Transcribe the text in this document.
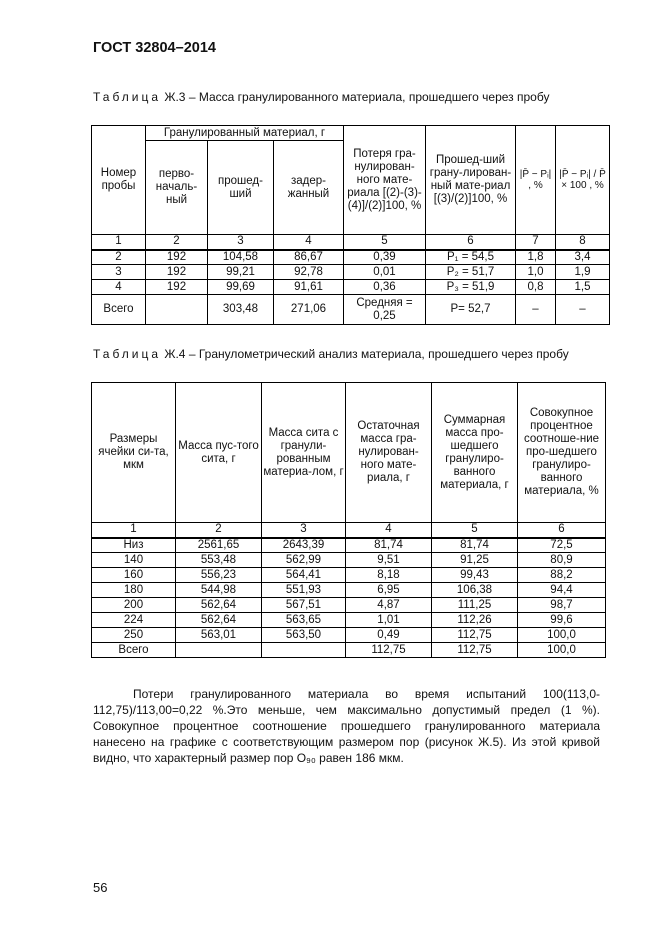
ГОСТ 32804–2014
Таблица Ж.3 – Масса гранулированного материала, прошедшего через пробу
Номер пробы	Гранулированный материал, г			Потеря гра-нулирован-ного мате-риала [(2)-(3)-(4)]/(2)]100, %	Прошед-ший грану-лирован-ный мате-риал [(3)/(2)]100, %	|P̄ − Pᵢ| , %	|P̄ − Pᵢ| / P̄ × 100 , %
	перво-началь-ный	прошед-ший	задер-жанный				
1	2	3	4	5	6	7	8
2	192	104,58	86,67	0,39	P₁ = 54,5	1,8	3,4
3	192	99,21	92,78	0,01	P₂ = 51,7	1,0	1,9
4	192	99,69	91,61	0,36	P₃ = 51,9	0,8	1,5
Всего		303,48	271,06	Средняя = 0,25	P= 52,7	–	–
Таблица Ж.4 – Гранулометрический анализ материала, прошедшего через пробу
Размеры ячейки си-та, мкм	Масса пус-того сита, г	Масса сита с гранули-рованным материа-лом, г	Остаточная масса гра-нулирован-ного мате-риала, г	Суммарная масса про-шедшего гранулиро-ванного материала, г	Совокупное процентное соотноше-ние про-шедшего гранулиро-ванного материала, %
1	2	3	4	5	6
Низ	2561,65	2643,39	81,74	81,74	72,5
140	553,48	562,99	9,51	91,25	80,9
160	556,23	564,41	8,18	99,43	88,2
180	544,98	551,93	6,95	106,38	94,4
200	562,64	567,51	4,87	111,25	98,7
224	562,64	563,65	1,01	112,26	99,6
250	563,01	563,50	0,49	112,75	100,0
Всего			112,75	112,75	100,0
Потери гранулированного материала во время испытаний 100(113,0-112,75)/113,00=0,22 %.Это меньше, чем максимально допустимый предел (1 %). Совокупное процентное соотношение прошедшего гранулированного материала нанесено на графике с соответствующим размером пор (рисунок Ж.5). Из этой кривой видно, что характерный размер пор O₉₀ равен 186 мкм.
56
